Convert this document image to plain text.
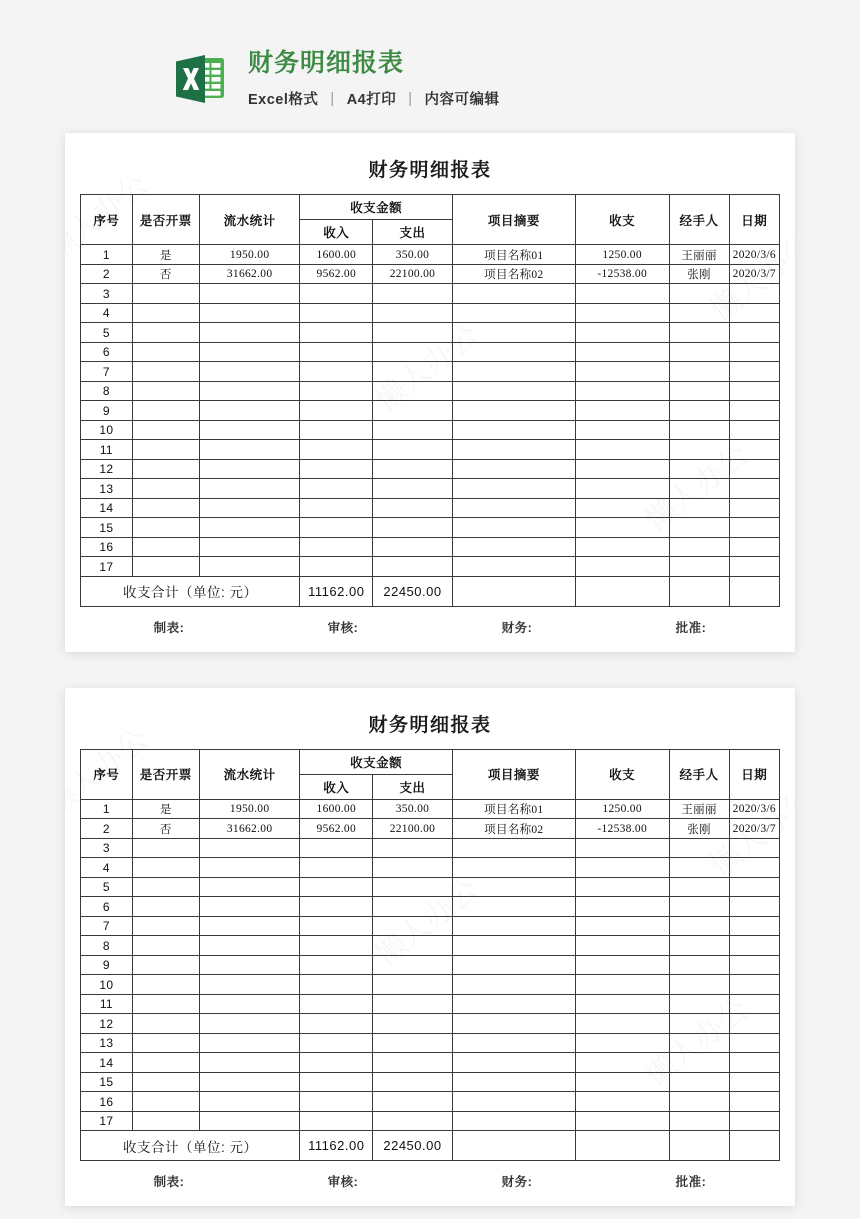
财务明细报表
Excel格式 | A4打印 | 内容可编辑
财务明细报表
序号	是否开票	流水统计	收支金额		项目摘要	收支	经手人	日期
			收入	支出				
1	是	1950.00	1600.00	350.00	项目名称01	1250.00	王丽丽	2020/3/6
2	否	31662.00	9562.00	22100.00	项目名称02	-12538.00	张刚	2020/3/7
3								
4								
5								
6								
7								
8								
9								
10								
11								
12								
13								
14								
15								
16								
17								
收支合计（单位: 元）			11162.00	22450.00				
制表:	审核:	财务:	批准:
财务明细报表
序号	是否开票	流水统计	收支金额		项目摘要	收支	经手人	日期
			收入	支出				
1	是	1950.00	1600.00	350.00	项目名称01	1250.00	王丽丽	2020/3/6
2	否	31662.00	9562.00	22100.00	项目名称02	-12538.00	张刚	2020/3/7
3								
4								
5								
6								
7								
8								
9								
10								
11								
12								
13								
14								
15								
16								
17								
收支合计（单位: 元）			11162.00	22450.00				
制表:	审核:	财务:	批准:
